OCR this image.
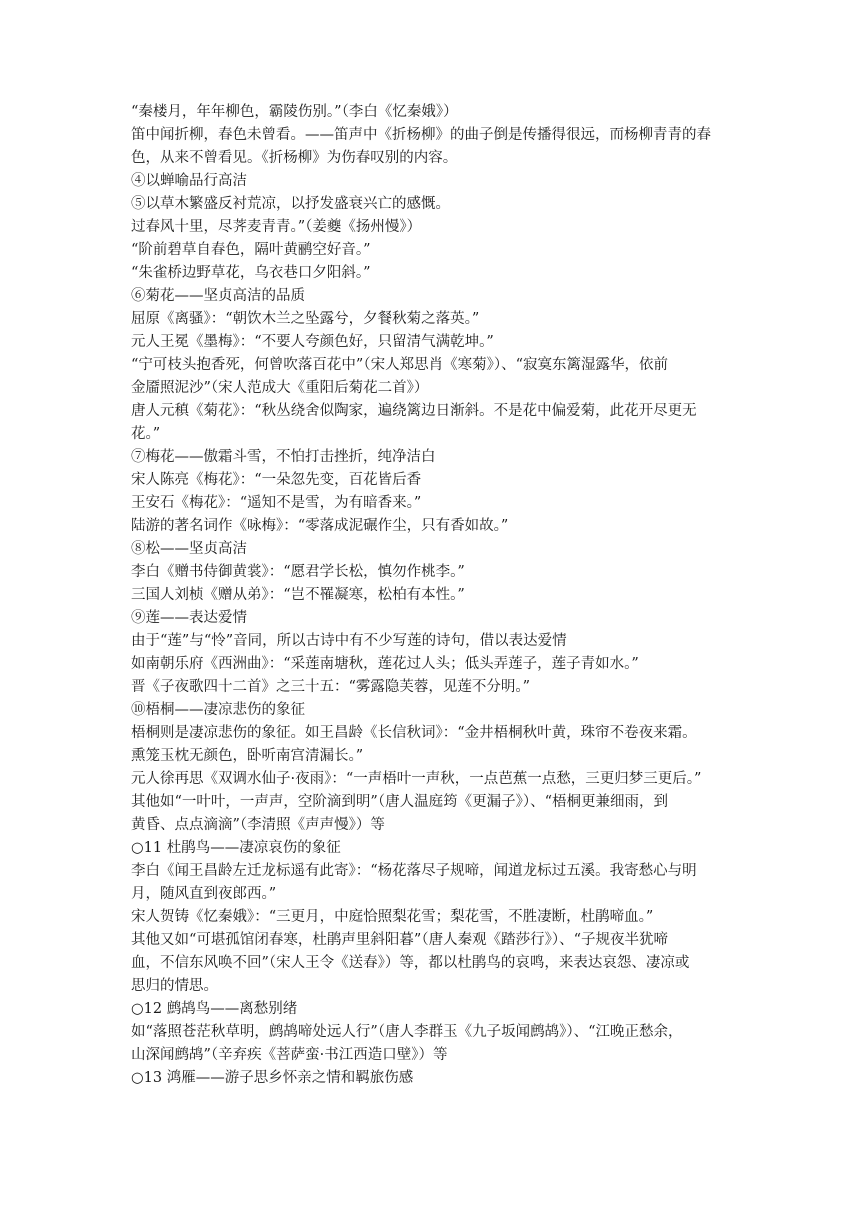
“秦楼月，年年柳色，霸陵伤别。”（李白《忆秦娥》）
笛中闻折柳，春色未曾看。——笛声中《折杨柳》的曲子倒是传播得很远，而杨柳青青的春
色，从来不曾看见。《折杨柳》为伤春叹别的内容。
④以蝉喻品行高洁
⑤以草木繁盛反衬荒凉，以抒发盛衰兴亡的感慨。
过春风十里，尽荠麦青青。”（姜夔《扬州慢》）
“阶前碧草自春色，隔叶黄鹂空好音。”
“朱雀桥边野草花，乌衣巷口夕阳斜。”
⑥菊花——坚贞高洁的品质
屈原《离骚》：“朝饮木兰之坠露兮，夕餐秋菊之落英。”
元人王冕《墨梅》：“不要人夸颜色好，只留清气满乾坤。”
“宁可枝头抱香死，何曾吹落百花中”（宋人郑思肖《寒菊》）、“寂寞东篱湿露华，依前
金靥照泥沙”（宋人范成大《重阳后菊花二首》）
唐人元稹《菊花》：“秋丛绕舍似陶家，遍绕篱边日渐斜。不是花中偏爱菊，此花开尽更无
花。”
⑦梅花——傲霜斗雪，不怕打击挫折，纯净洁白
宋人陈亮《梅花》：“一朵忽先变，百花皆后香
王安石《梅花》：“遥知不是雪，为有暗香来。”
陆游的著名词作《咏梅》：“零落成泥碾作尘，只有香如故。”
⑧松——坚贞高洁
李白《赠书侍御黄裳》：“愿君学长松，慎勿作桃李。”
三国人刘桢《赠从弟》：“岂不罹凝寒，松柏有本性。”
⑨莲——表达爱情
由于“莲”与“怜”音同，所以古诗中有不少写莲的诗句，借以表达爱情
如南朝乐府《西洲曲》：“采莲南塘秋，莲花过人头；低头弄莲子，莲子青如水。”
晋《子夜歌四十二首》之三十五：“雾露隐芙蓉，见莲不分明。”
⑩梧桐——凄凉悲伤的象征
梧桐则是凄凉悲伤的象征。如王昌龄《长信秋词》：“金井梧桐秋叶黄，珠帘不卷夜来霜。
熏笼玉枕无颜色，卧听南宫清漏长。”
元人徐再思《双调水仙子·夜雨》：“一声梧叶一声秋，一点芭蕉一点愁，三更归梦三更后。”
其他如“一叶叶，一声声，空阶滴到明”（唐人温庭筠《更漏子》）、“梧桐更兼细雨，到
黄昏、点点滴滴”（李清照《声声慢》）等
○11 杜鹃鸟——凄凉哀伤的象征
李白《闻王昌龄左迁龙标遥有此寄》：“杨花落尽子规啼，闻道龙标过五溪。我寄愁心与明
月，随风直到夜郎西。”
宋人贺铸《忆秦娥》：“三更月，中庭恰照梨花雪；梨花雪，不胜凄断，杜鹃啼血。”
其他又如“可堪孤馆闭春寒，杜鹃声里斜阳暮”（唐人秦观《踏莎行》）、“子规夜半犹啼
血，不信东风唤不回”（宋人王令《送春》）等，都以杜鹃鸟的哀鸣，来表达哀怨、凄凉或
思归的情思。
○12 鹧鸪鸟——离愁别绪
如“落照苍茫秋草明，鹧鸪啼处远人行”（唐人李群玉《九子坂闻鹧鸪》）、“江晚正愁余，
山深闻鹧鸪”（辛弃疾《菩萨蛮·书江西造口壁》）等
○13 鸿雁——游子思乡怀亲之情和羁旅伤感
